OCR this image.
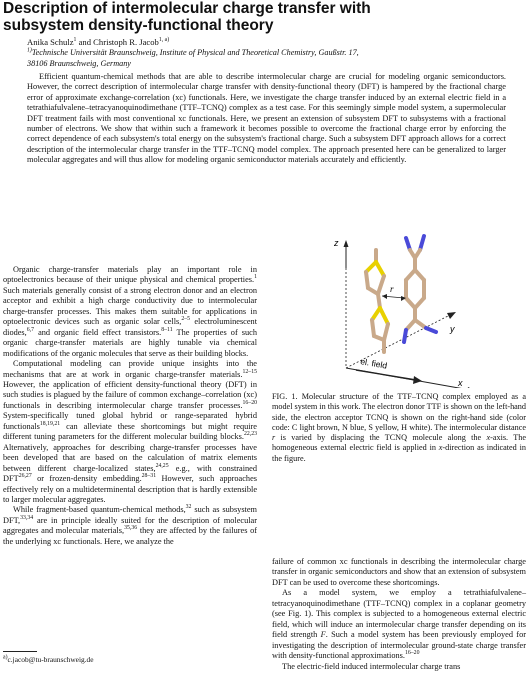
Description of intermolecular charge transfer with
subsystem density-functional theory
Anika Schulz$^1$ and Christoph R. Jacob$^{1, a)}$
$^{1)}$Technische Universität Braunschweig, Institute of Physical and Theoretical Chemistry, Gaußstr. 17,
38106 Braunschweig, Germany

Efficient quantum-chemical methods that are able to describe intermolecular charge are crucial for modeling organic semiconductors. However, the correct description of intermolecular charge transfer with density-functional theory (DFT) is hampered by the fractional charge error of approximate exchange-correlation (xc) functionals. Here, we investigate the charge transfer induced by an external electric field in a tetrathiafulvalene–tetracyanoquinodimethane (TTF–TCNQ) complex as a test case. For this seemingly simple model system, a supermolecular DFT treatment fails with most conventional xc functionals. Here, we present an extension of subsystem DFT to subsystems with a fractional number of electrons. We show that within such a framework it becomes possible to overcome the fractional charge error by enforcing the correct dependence of each subsystem's total energy on the subsystem's fractional charge. Such a subsystem DFT approach allows for a correct description of the intermolecular charge transfer in the TTF–TCNQ model complex. The approach presented here can be generalized to larger molecular aggregates and will thus allow for modeling organic semiconductor materials accurately and efficiently.

Organic charge-transfer materials play an important role in optoelectronics because of their unique physical and chemical properties.$^1$ Such materials generally consist of a strong electron donor and an electron acceptor and exhibit a high charge conductivity due to intermolecular charge-transfer processes. This makes them suitable for applications in optoelectronic devices such as organic solar cells,$^{2-5}$ electroluminescent diodes,$^{6,7}$ and organic field effect transistors.$^{8-11}$ The properties of such organic charge-transfer materials are highly tunable via chemical modifications of the organic molecules that serve as their building blocks.

Computational modeling can provide unique insights into the mechanisms that are at work in organic charge-transfer materials.$^{12-15}$ However, the application of efficient density-functional theory (DFT) in such studies is plagued by the failure of common exchange–correlation (xc) functionals in describing intermolecular charge transfer processes.$^{16-20}$ System-specifically tuned global hybrid or range-separated hybrid functionals$^{18,19,21}$ can alleviate these shortcomings but might require different tuning parameters for the different molecular building blocks.$^{22,23}$ Alternatively, approaches for describing charge-transfer processes have been developed that are based on the calculation of matrix elements between different charge-localized states,$^{24,25}$ e.g., with constrained DFT$^{26,27}$ or frozen-density embedding.$^{28-31}$ However, such approaches effectively rely on a multideterminental description that is hardly extensible to larger molecular aggregates.

While fragment-based quantum-chemical methods,$^{32}$ such as subsystem DFT,$^{33,34}$ are in principle ideally suited for the description of molecular aggregates and molecular materials,$^{35,36}$ they are affected by the failures of the underlying xc functionals. Here, we analyze the

z
x
y
r
el. field

FIG. 1. Molecular structure of the TTF–TCNQ complex employed as a model system in this work. The electron donor TTF is shown on the left-hand side, the electron acceptor TCNQ is shown on the right-hand side (color code: C light brown, N blue, S yellow, H white). The intermolecular distance r is varied by displacing the TCNQ molecule along the x-axis. The homogeneous external electric field is applied in x-direction as indicated in the figure.

failure of common xc functionals in describing the intermolecular charge transfer in organic semiconductors and show that an extension of subsystem DFT can be used to overcome these shortcomings.

As a model system, we employ a tetrathiafulvalene–tetracyanoquinodimethane (TTF–TCNQ) complex in a coplanar geometry (see Fig. 1). This complex is subjected to a homogeneous external electric field, which will induce an intermolecular charge transfer depending on its field strength F. Such a model system has been previously employed for investigating the description of intermolecular ground-state charge transfer with density-functional approximations.$^{16-20}$

The electric-field induced intermolecular charge trans

$^{a)}$c.jacob@tu-braunschweig.de
